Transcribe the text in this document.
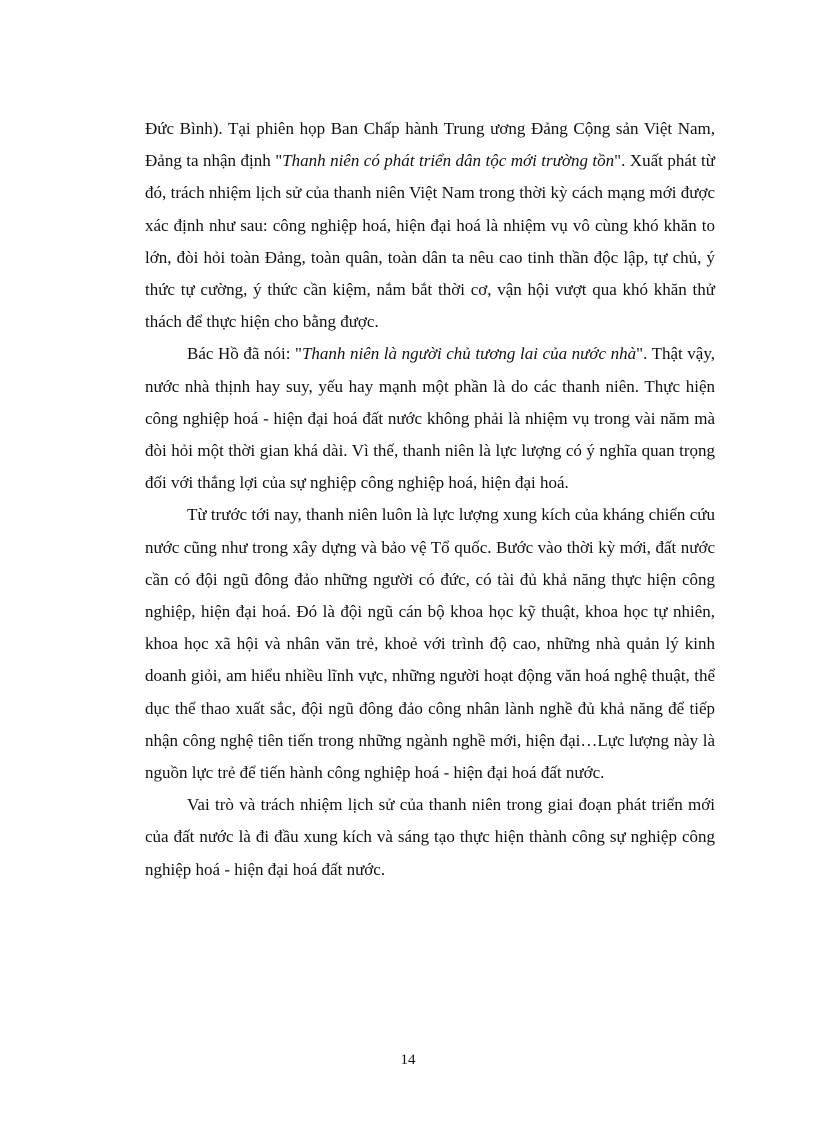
Đức Bình). Tại phiên họp Ban Chấp hành Trung ương Đảng Cộng sản Việt Nam, Đảng ta nhận định "Thanh niên có phát triển dân tộc mới trường tồn". Xuất phát từ đó, trách nhiệm lịch sử của thanh niên Việt Nam trong thời kỳ cách mạng mới được xác định như sau: công nghiệp hoá, hiện đại hoá là nhiệm vụ vô cùng khó khăn to lớn, đòi hỏi toàn Đảng, toàn quân, toàn dân ta nêu cao tinh thần độc lập, tự chủ, ý thức tự cường, ý thức cần kiệm, nắm bắt thời cơ, vận hội vượt qua khó khăn thử thách để thực hiện cho bằng được.

Bác Hồ đã nói: "Thanh niên là người chủ tương lai của nước nhà". Thật vậy, nước nhà thịnh hay suy, yếu hay mạnh một phần là do các thanh niên. Thực hiện công nghiệp hoá - hiện đại hoá đất nước không phải là nhiệm vụ trong vài năm mà đòi hỏi một thời gian khá dài. Vì thế, thanh niên là lực lượng có ý nghĩa quan trọng đối với thắng lợi của sự nghiệp công nghiệp hoá, hiện đại hoá.

Từ trước tới nay, thanh niên luôn là lực lượng xung kích của kháng chiến cứu nước cũng như trong xây dựng và bảo vệ Tổ quốc. Bước vào thời kỳ mới, đất nước cần có đội ngũ đông đảo những người có đức, có tài đủ khả năng thực hiện công nghiệp, hiện đại hoá. Đó là đội ngũ cán bộ khoa học kỹ thuật, khoa học tự nhiên, khoa học xã hội và nhân văn trẻ, khoẻ với trình độ cao, những nhà quản lý kinh doanh giỏi, am hiểu nhiều lĩnh vực, những người hoạt động văn hoá nghệ thuật, thể dục thể thao xuất sắc, đội ngũ đông đảo công nhân lành nghề đủ khả năng để tiếp nhận công nghệ tiên tiến trong những ngành nghề mới, hiện đại…Lực lượng này là nguồn lực trẻ để tiến hành công nghiệp hoá - hiện đại hoá đất nước.

Vai trò và trách nhiệm lịch sử của thanh niên trong giai đoạn phát triển mới của đất nước là đi đầu xung kích và sáng tạo thực hiện thành công sự nghiệp công nghiệp hoá - hiện đại hoá đất nước.

14
